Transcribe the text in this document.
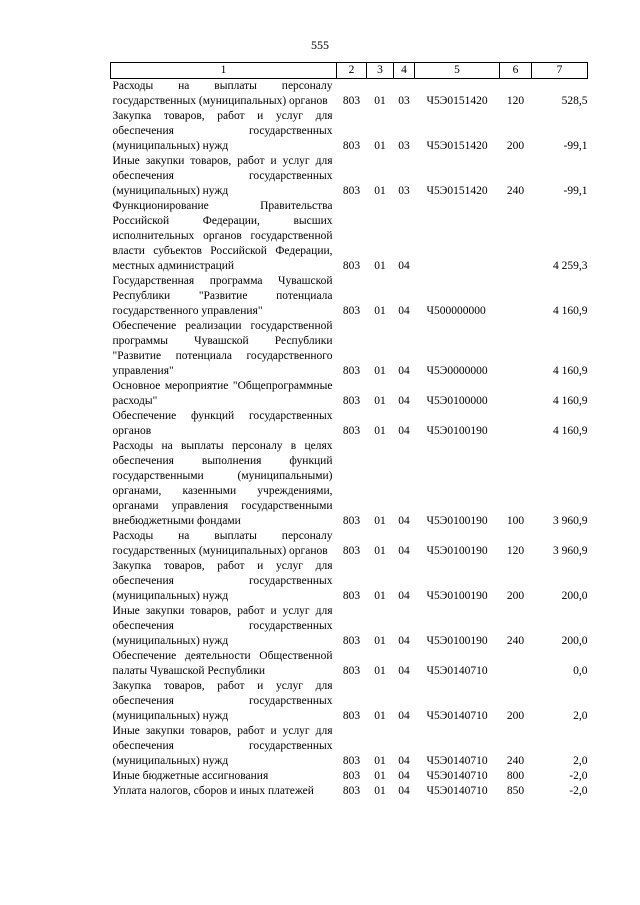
555
1	2	3	4	5	6	7
Расходы на выплаты персоналу государственных (муниципальных) органов	803	01	03	Ч5Э0151420	120	528,5
Закупка товаров, работ и услуг для обеспечения государственных (муниципальных) нужд	803	01	03	Ч5Э0151420	200	-99,1
Иные закупки товаров, работ и услуг для обеспечения государственных (муниципальных) нужд	803	01	03	Ч5Э0151420	240	-99,1
Функционирование Правительства Российской Федерации, высших исполнительных органов государственной власти субъектов Российской Федерации, местных администраций	803	01	04			4 259,3
Государственная программа Чувашской Республики "Развитие потенциала государственного управления"	803	01	04	Ч500000000		4 160,9
Обеспечение реализации государственной программы Чувашской Республики "Развитие потенциала государственного управления"	803	01	04	Ч5Э0000000		4 160,9
Основное мероприятие "Общепрограммные расходы"	803	01	04	Ч5Э0100000		4 160,9
Обеспечение функций государственных органов	803	01	04	Ч5Э0100190		4 160,9
Расходы на выплаты персоналу в целях обеспечения выполнения функций государственными (муниципальными) органами, казенными учреждениями, органами управления государственными внебюджетными фондами	803	01	04	Ч5Э0100190	100	3 960,9
Расходы на выплаты персоналу государственных (муниципальных) органов	803	01	04	Ч5Э0100190	120	3 960,9
Закупка товаров, работ и услуг для обеспечения государственных (муниципальных) нужд	803	01	04	Ч5Э0100190	200	200,0
Иные закупки товаров, работ и услуг для обеспечения государственных (муниципальных) нужд	803	01	04	Ч5Э0100190	240	200,0
Обеспечение деятельности Общественной палаты Чувашской Республики	803	01	04	Ч5Э0140710		0,0
Закупка товаров, работ и услуг для обеспечения государственных (муниципальных) нужд	803	01	04	Ч5Э0140710	200	2,0
Иные закупки товаров, работ и услуг для обеспечения государственных (муниципальных) нужд	803	01	04	Ч5Э0140710	240	2,0
Иные бюджетные ассигнования	803	01	04	Ч5Э0140710	800	-2,0
Уплата налогов, сборов и иных платежей	803	01	04	Ч5Э0140710	850	-2,0
